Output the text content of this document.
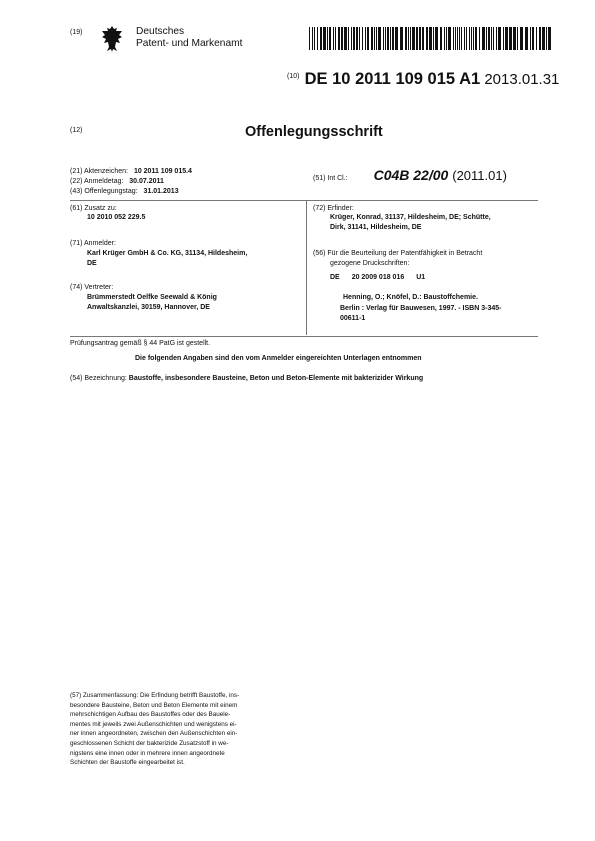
(19)	Deutsches
Patent- und Markenamt
$^{(10)}$ DE 10 2011 109 015 A1 2013.01.31
(12)	Offenlegungsschrift
(21) Aktenzeichen: 10 2011 109 015.4
(22) Anmeldetag: 30.07.2011
(43) Offenlegungstag: 31.01.2013
(61) Zusatz zu:
10 2010 052 229.5
(71) Anmelder:
Karl Krüger GmbH & Co. KG, 31134, Hildesheim,
DE
(74) Vertreter:
Brümmerstedt Oelfke Seewald & König
Anwaltskanzlei, 30159, Hannover, DE
(51) Int Cl.: C04B 22/00 (2011.01)
(72) Erfinder:
Krüger, Konrad, 31137, Hildesheim, DE; Schütte,
Dirk, 31141, Hildesheim, DE
(56) Für die Beurteilung der Patentfähigkeit in Betracht
gezogene Druckschriften:
DE 20 2009 018 016 U1
Henning, O.; Knöfel, D.: Baustoffchemie.
Berlin : Verlag für Bauwesen, 1997. - ISBN 3-345-
00611-1
Prüfungsantrag gemäß § 44 PatG ist gestellt.
Die folgenden Angaben sind den vom Anmelder eingereichten Unterlagen entnommen
(54) Bezeichnung: Baustoffe, insbesondere Bausteine, Beton und Beton-Elemente mit bakterizider Wirkung
(57) Zusammenfassung: Die Erfindung betrifft Baustoffe, ins-
besondere Bausteine, Beton und Beton Elemente mit einem
mehrschichtigen Aufbau des Baustoffes oder des Bauele-
mentes mit jeweils zwei Außenschichten und wenigstens ei-
ner innen angeordneten, zwischen den Außenschichten ein-
geschlossenen Schicht der bakterizide Zusatzstoff in we-
nigstens eine innen oder in mehrere innen angeordnete
Schichten der Baustoffe eingearbeitet ist.
